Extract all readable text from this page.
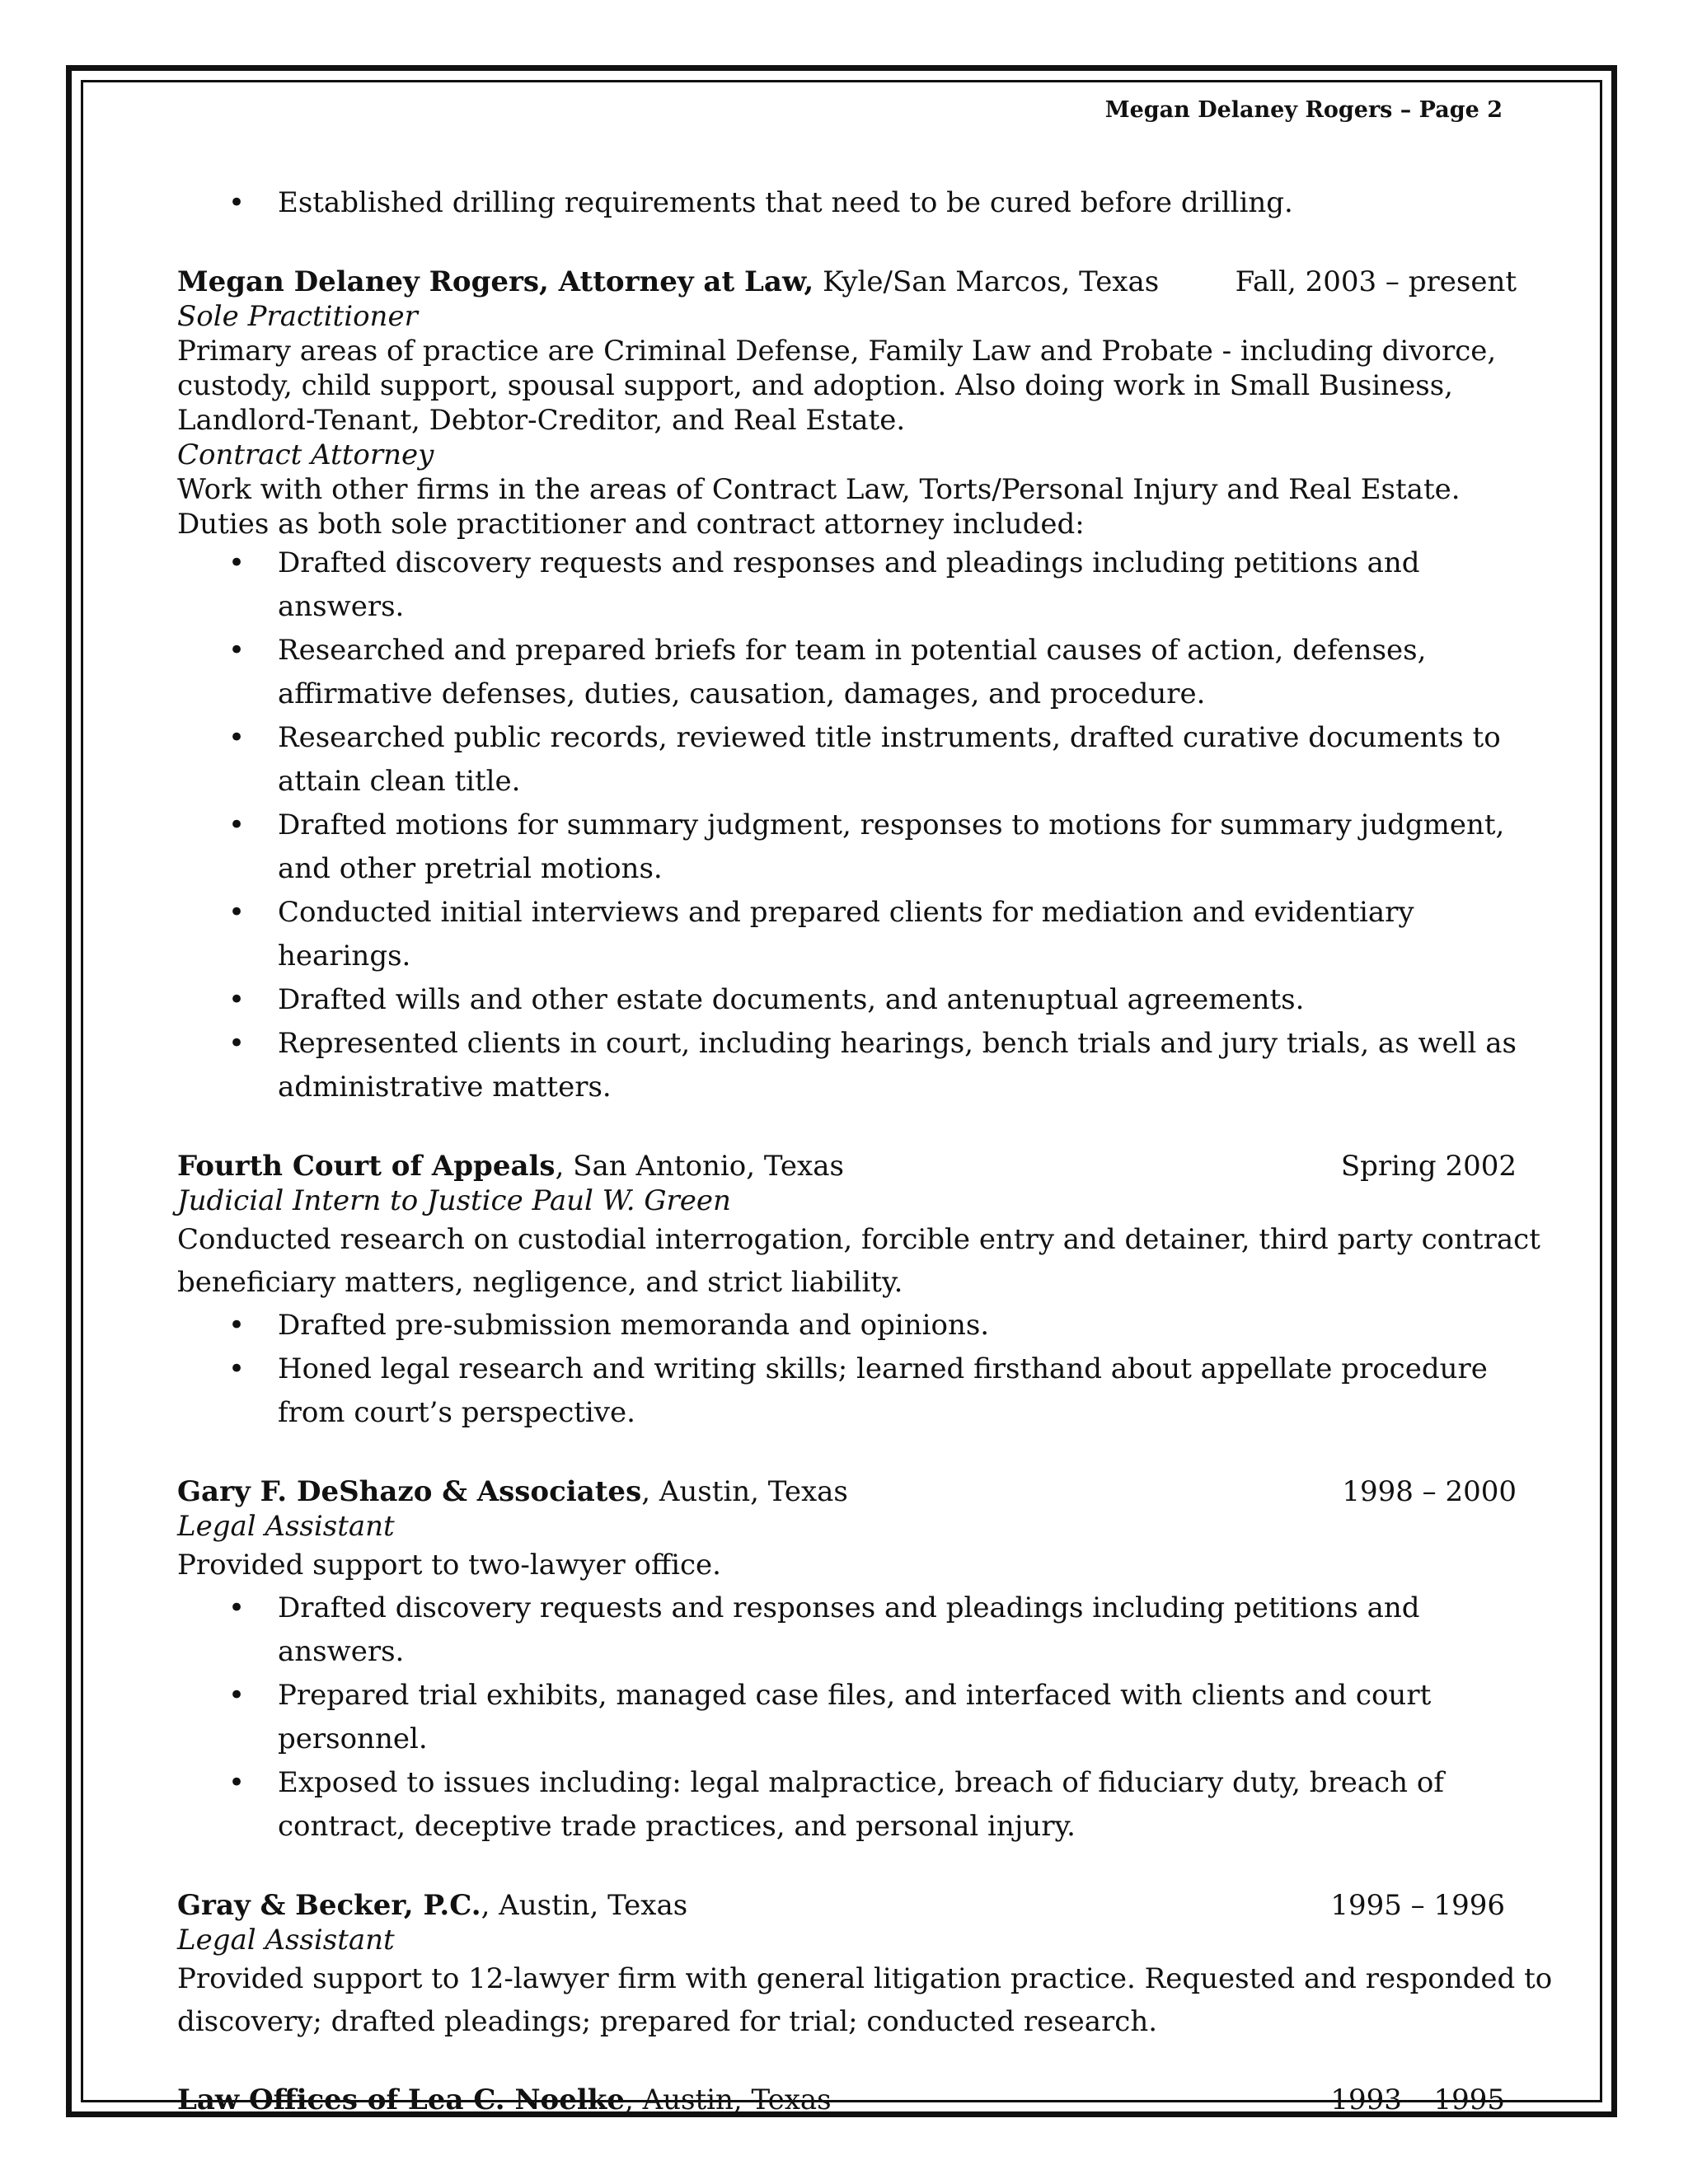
Megan Delaney Rogers – Page 2
• Established drilling requirements that need to be cured before drilling.
Megan Delaney Rogers, Attorney at Law, Kyle/San Marcos, Texas	Fall, 2003 – present
Sole Practitioner
Primary areas of practice are Criminal Defense, Family Law and Probate - including divorce,
custody, child support, spousal support, and adoption. Also doing work in Small Business,
Landlord-Tenant, Debtor-Creditor, and Real Estate.
Contract Attorney
Work with other firms in the areas of Contract Law, Torts/Personal Injury and Real Estate.
Duties as both sole practitioner and contract attorney included:
• Drafted discovery requests and responses and pleadings including petitions and answers.
• Researched and prepared briefs for team in potential causes of action, defenses, affirmative defenses, duties, causation, damages, and procedure.
• Researched public records, reviewed title instruments, drafted curative documents to attain clean title.
• Drafted motions for summary judgment, responses to motions for summary judgment, and other pretrial motions.
• Conducted initial interviews and prepared clients for mediation and evidentiary hearings.
• Drafted wills and other estate documents, and antenuptual agreements.
• Represented clients in court, including hearings, bench trials and jury trials, as well as administrative matters.
Fourth Court of Appeals, San Antonio, Texas	Spring 2002
Judicial Intern to Justice Paul W. Green
Conducted research on custodial interrogation, forcible entry and detainer, third party contract
beneficiary matters, negligence, and strict liability.
• Drafted pre-submission memoranda and opinions.
• Honed legal research and writing skills; learned firsthand about appellate procedure from court’s perspective.
Gary F. DeShazo & Associates, Austin, Texas	1998 – 2000
Legal Assistant
Provided support to two-lawyer office.
• Drafted discovery requests and responses and pleadings including petitions and answers.
• Prepared trial exhibits, managed case files, and interfaced with clients and court personnel.
• Exposed to issues including: legal malpractice, breach of fiduciary duty, breach of contract, deceptive trade practices, and personal injury.
Gray & Becker, P.C., Austin, Texas	1995 – 1996
Legal Assistant
Provided support to 12-lawyer firm with general litigation practice. Requested and responded to
discovery; drafted pleadings; prepared for trial; conducted research.
Law Offices of Lea C. Noelke, Austin, Texas	1993 – 1995
